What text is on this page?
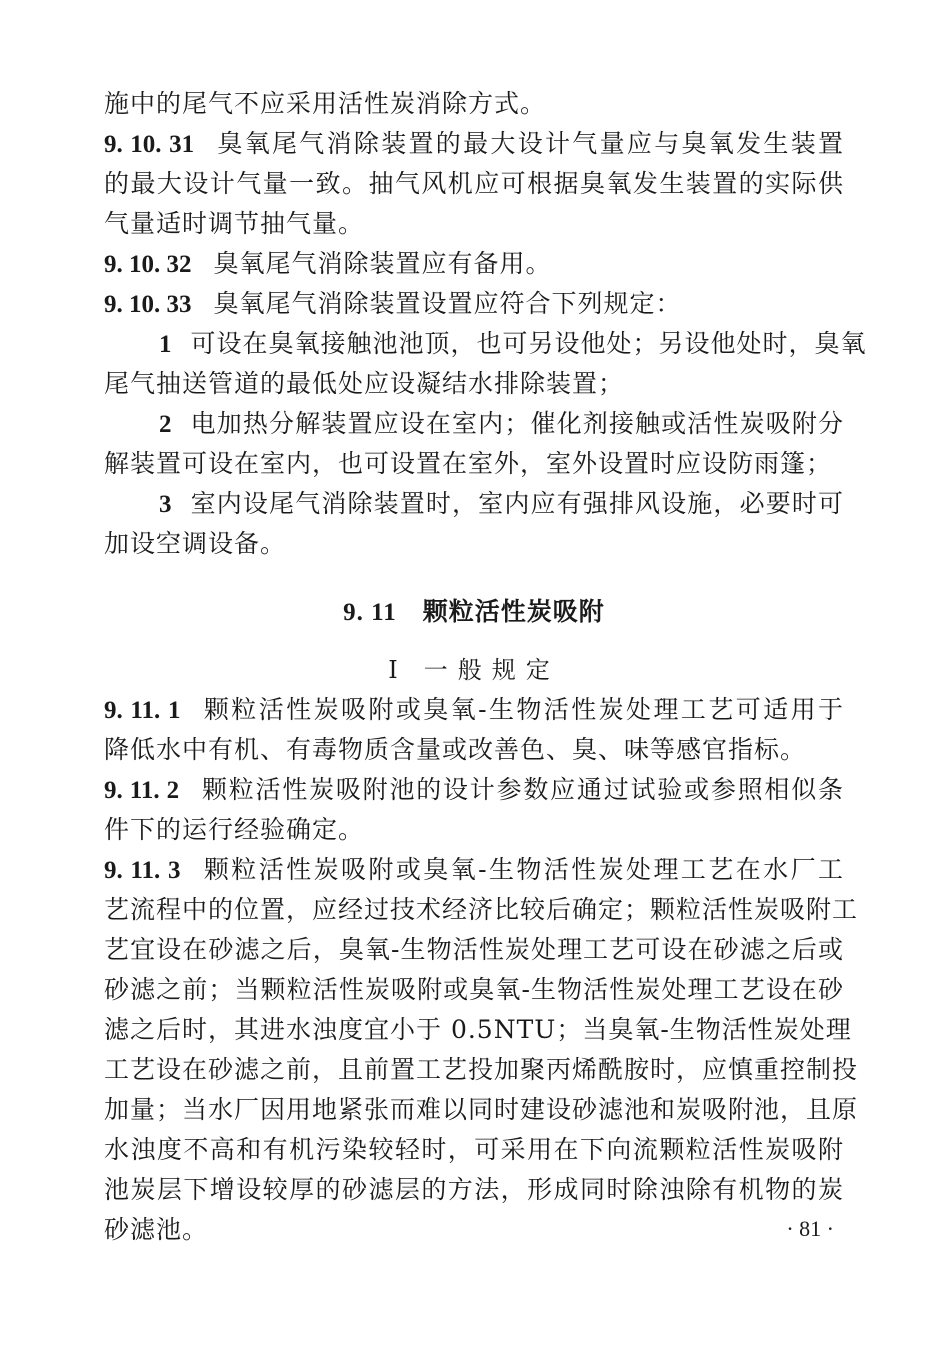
施中的尾气不应采用活性炭消除方式。
9. 10. 31 臭氧尾气消除装置的最大设计气量应与臭氧发生装置
的最大设计气量一致。抽气风机应可根据臭氧发生装置的实际供
气量适时调节抽气量。
9. 10. 32 臭氧尾气消除装置应有备用。
9. 10. 33 臭氧尾气消除装置设置应符合下列规定：
1 可设在臭氧接触池池顶，也可另设他处；另设他处时，臭氧
尾气抽送管道的最低处应设凝结水排除装置；
2 电加热分解装置应设在室内；催化剂接触或活性炭吸附分
解装置可设在室内，也可设置在室外，室外设置时应设防雨篷；
3 室内设尾气消除装置时，室内应有强排风设施，必要时可
加设空调设备。
9. 11 颗粒活性炭吸附
Ⅰ 一般规定
9. 11. 1 颗粒活性炭吸附或臭氧-生物活性炭处理工艺可适用于
降低水中有机、有毒物质含量或改善色、臭、味等感官指标。
9. 11. 2 颗粒活性炭吸附池的设计参数应通过试验或参照相似条
件下的运行经验确定。
9. 11. 3 颗粒活性炭吸附或臭氧-生物活性炭处理工艺在水厂工
艺流程中的位置，应经过技术经济比较后确定；颗粒活性炭吸附工
艺宜设在砂滤之后，臭氧-生物活性炭处理工艺可设在砂滤之后或
砂滤之前；当颗粒活性炭吸附或臭氧-生物活性炭处理工艺设在砂
滤之后时，其进水浊度宜小于 0.5NTU；当臭氧-生物活性炭处理
工艺设在砂滤之前，且前置工艺投加聚丙烯酰胺时，应慎重控制投
加量；当水厂因用地紧张而难以同时建设砂滤池和炭吸附池，且原
水浊度不高和有机污染较轻时，可采用在下向流颗粒活性炭吸附
池炭层下增设较厚的砂滤层的方法，形成同时除浊除有机物的炭
砂滤池。	· 81 ·
